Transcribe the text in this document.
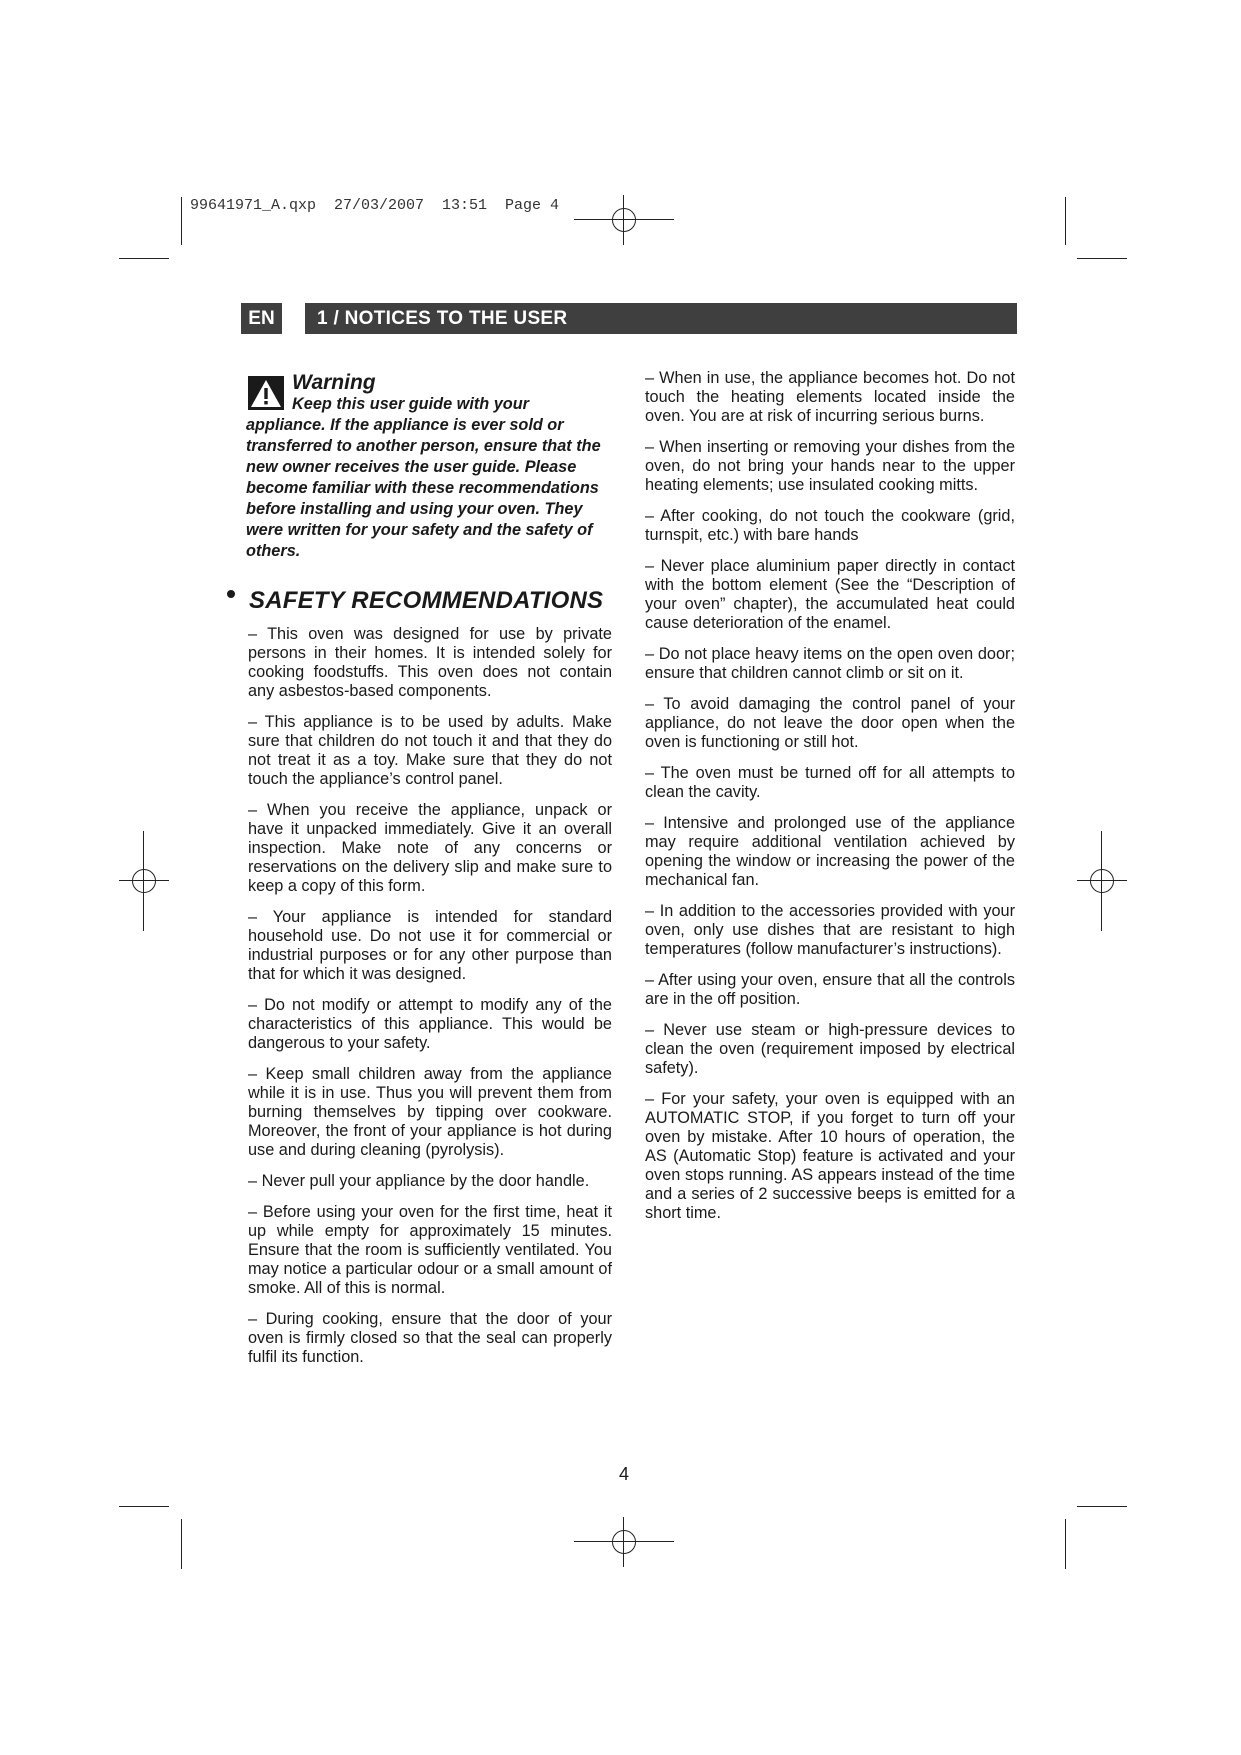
99641971_A.qxp  27/03/2007  13:51  Page 4
EN	1 / NOTICES TO THE USER
Warning
Keep this user guide with your appliance. If the appliance is ever sold or transferred to another person, ensure that the new owner receives the user guide. Please become familiar with these recommendations before installing and using your oven. They were written for your safety and the safety of others.
SAFETY RECOMMENDATIONS

– This oven was designed for use by private persons in their homes. It is intended solely for cooking foodstuffs. This oven does not contain any asbestos-based components.

– This appliance is to be used by adults. Make sure that children do not touch it and that they do not treat it as a toy. Make sure that they do not touch the appliance’s control panel.

– When you receive the appliance, unpack or have it unpacked immediately. Give it an overall inspection. Make note of any concerns or reservations on the delivery slip and make sure to keep a copy of this form.

– Your appliance is intended for standard household use. Do not use it for commercial or industrial purposes or for any other purpose than that for which it was designed.

– Do not modify or attempt to modify any of the characteristics of this appliance. This would be dangerous to your safety.

– Keep small children away from the appliance while it is in use. Thus you will prevent them from burning themselves by tipping over cookware. Moreover, the front of your appliance is hot during use and during cleaning (pyrolysis).

– Never pull your appliance by the door handle.

– Before using your oven for the first time, heat it up while empty for approximately 15 minutes. Ensure that the room is sufficiently ventilated. You may notice a particular odour or a small amount of smoke. All of this is normal.

– During cooking, ensure that the door of your oven is firmly closed so that the seal can properly fulfil its function.

– When in use, the appliance becomes hot. Do not touch the heating elements located inside the oven. You are at risk of incurring serious burns.

– When inserting or removing your dishes from the oven, do not bring your hands near to the upper heating elements; use insulated cooking mitts.

– After cooking, do not touch the cookware (grid, turnspit, etc.) with bare hands

– Never place aluminium paper directly in contact with the bottom element (See the “Description of your oven” chapter), the accumulated heat could cause deterioration of the enamel.

– Do not place heavy items on the open oven door; ensure that children cannot climb or sit on it.

– To avoid damaging the control panel of your appliance, do not leave the door open when the oven is functioning or still hot.

– The oven must be turned off for all attempts to clean the cavity.

– Intensive and prolonged use of the appliance may require additional ventilation achieved by opening the window or increasing the power of the mechanical fan.

– In addition to the accessories provided with your oven, only use dishes that are resistant to high temperatures (follow manufacturer’s instructions).

– After using your oven, ensure that all the controls are in the off position.

– Never use steam or high-pressure devices to clean the oven (requirement imposed by electrical safety).

– For your safety, your oven is equipped with an AUTOMATIC STOP, if you forget to turn off your oven by mistake. After 10 hours of operation, the AS (Automatic Stop) feature is activated and your oven stops running. AS appears instead of the time and a series of 2 successive beeps is emitted for a short time.

4
